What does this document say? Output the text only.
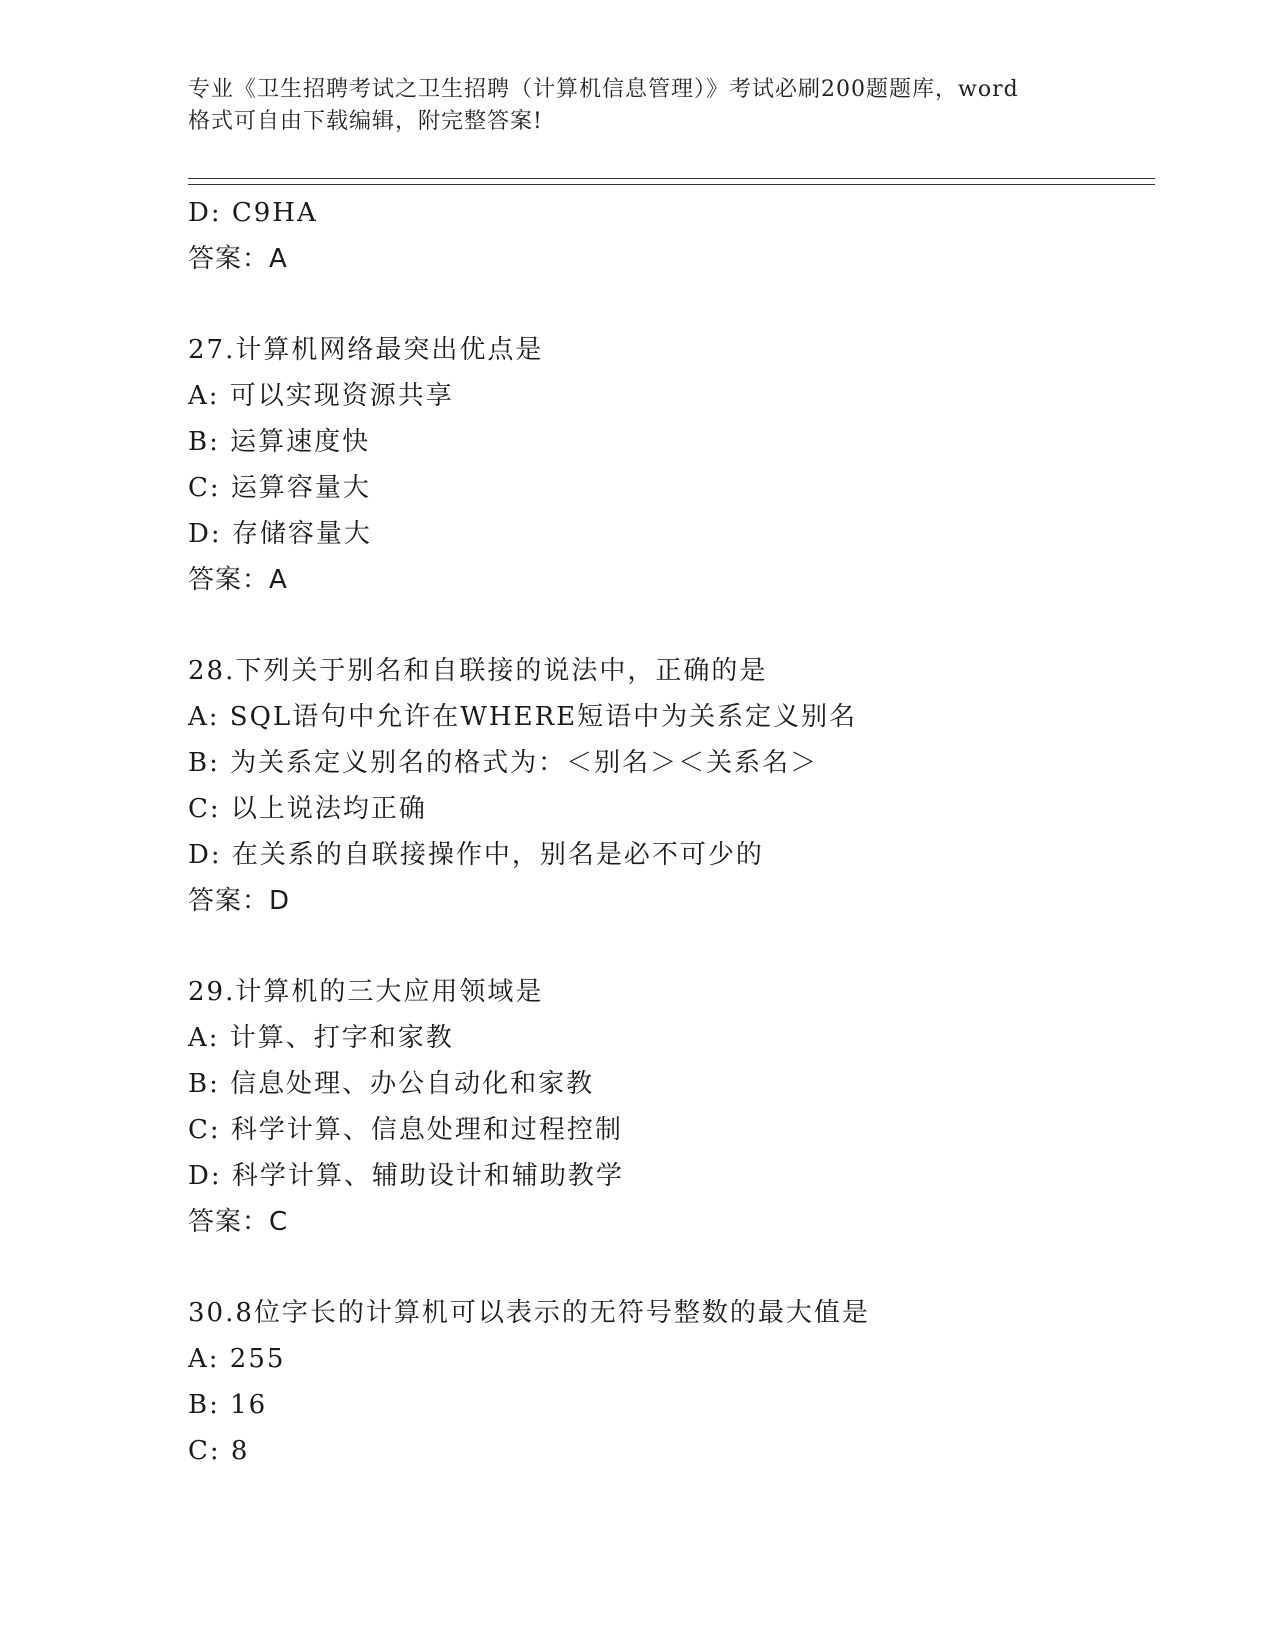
专业《卫生招聘考试之卫生招聘（计算机信息管理）》考试必刷200题题库，word
格式可自由下载编辑，附完整答案!
D: C9HA
答案：A
27.计算机网络最突出优点是
A: 可以实现资源共享
B: 运算速度快
C: 运算容量大
D: 存储容量大
答案：A
28.下列关于别名和自联接的说法中，正确的是
A: SQL语句中允许在WHERE短语中为关系定义别名
B: 为关系定义别名的格式为：＜别名＞＜关系名＞
C: 以上说法均正确
D: 在关系的自联接操作中，别名是必不可少的
答案：D
29.计算机的三大应用领域是
A: 计算、打字和家教
B: 信息处理、办公自动化和家教
C: 科学计算、信息处理和过程控制
D: 科学计算、辅助设计和辅助教学
答案：C
30.8位字长的计算机可以表示的无符号整数的最大值是
A: 255
B: 16
C: 8
